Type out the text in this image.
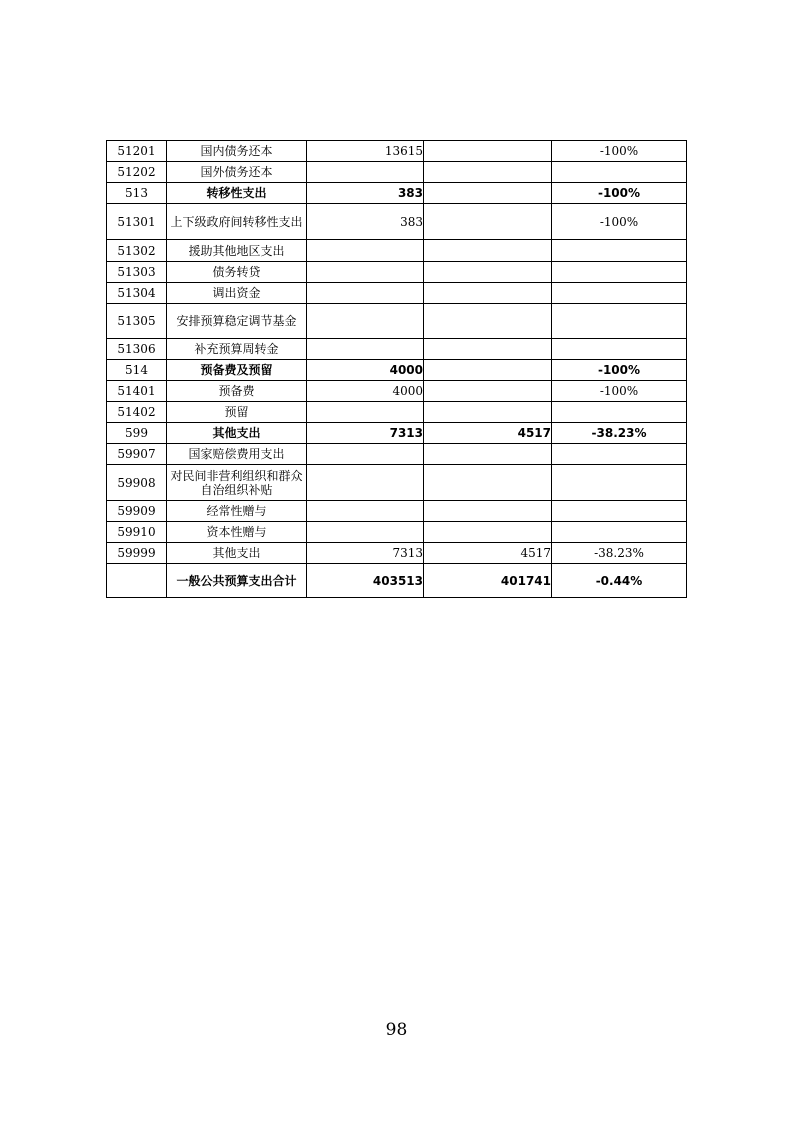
51201	国内债务还本	13615		-100%
51202	国外债务还本			
513	转移性支出	383		-100%
51301	上下级政府间转移性支出	383		-100%
51302	援助其他地区支出			
51303	债务转贷			
51304	调出资金			
51305	安排预算稳定调节基金			
51306	补充预算周转金			
514	预备费及预留	4000		-100%
51401	预备费	4000		-100%
51402	预留			
599	其他支出	7313	4517	-38.23%
59907	国家赔偿费用支出			
59908	对民间非营利组织和群众自治组织补贴			
59909	经常性赠与			
59910	资本性赠与			
59999	其他支出	7313	4517	-38.23%
	一般公共预算支出合计	403513	401741	-0.44%
98
